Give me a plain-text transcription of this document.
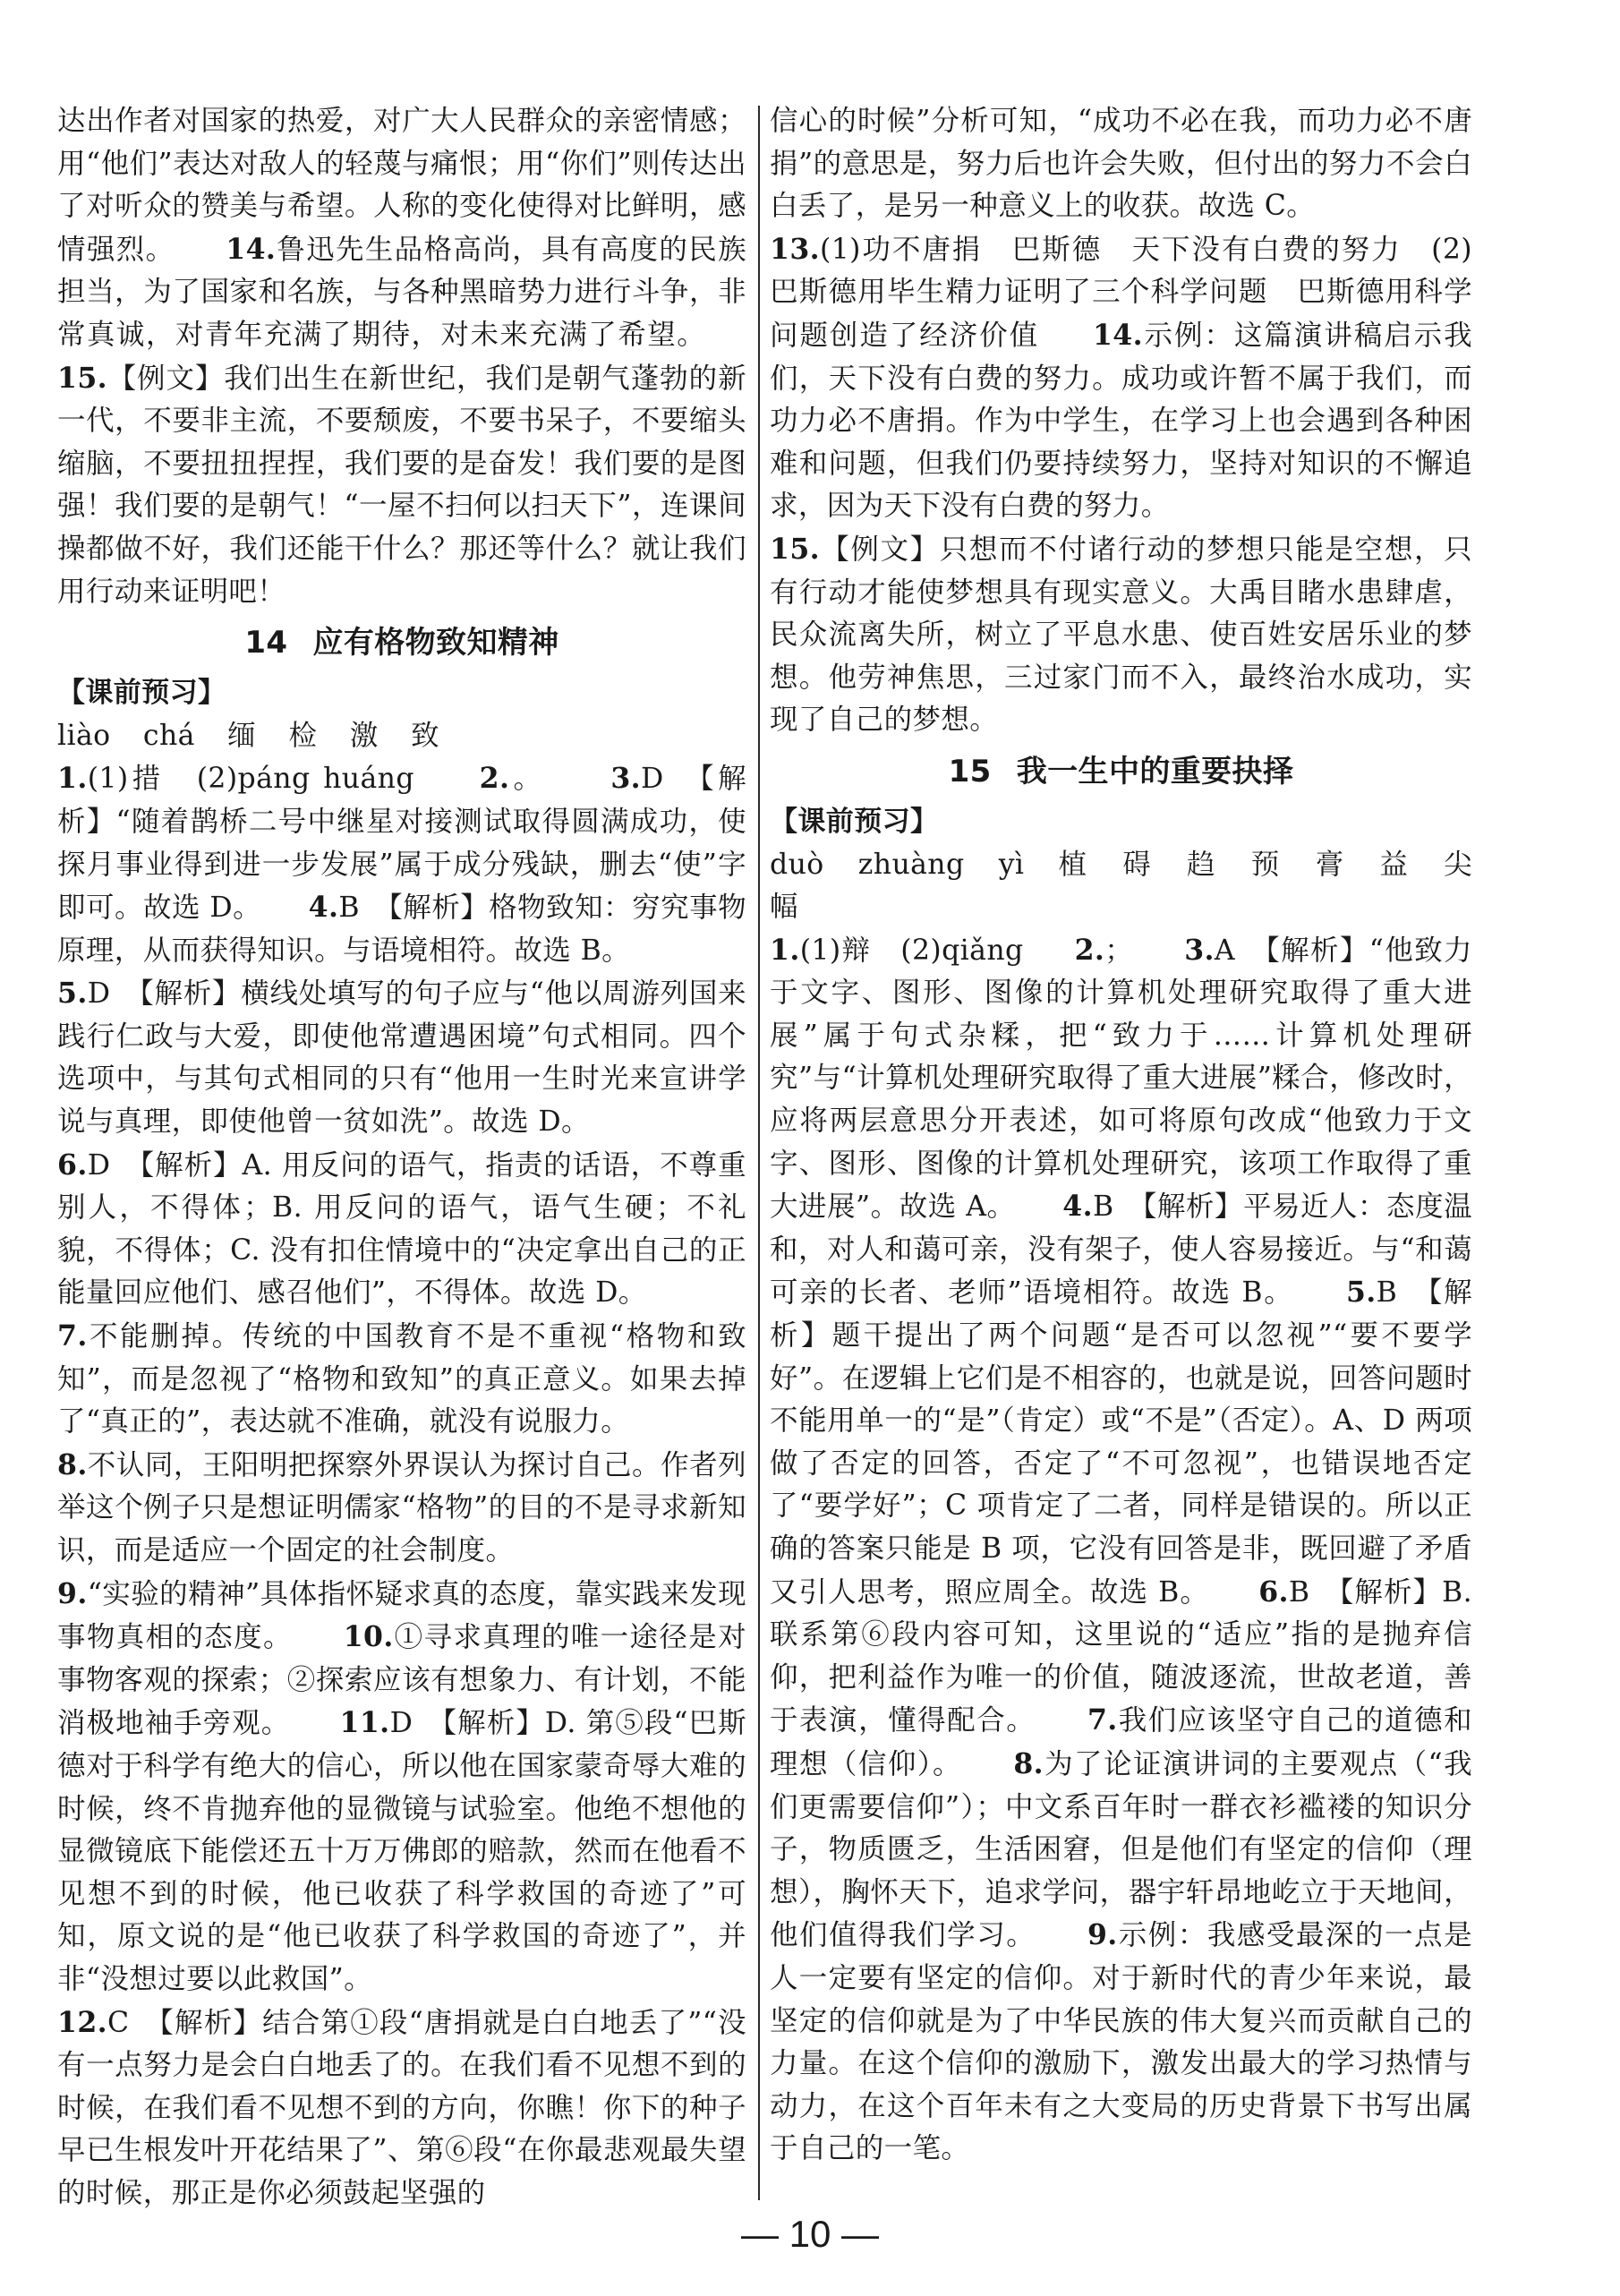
达出作者对国家的热爱，对广大人民群众的亲密情感；用“他们”表达对敌人的轻蔑与痛恨；用“你们”则传达出了对听众的赞美与希望。人称的变化使得对比鲜明，感情强烈。 14.鲁迅先生品格高尚，具有高度的民族担当，为了国家和名族，与各种黑暗势力进行斗争，非常真诚，对青年充满了期待，对未来充满了希望。     15.【例文】我们出生在新世纪，我们是朝气蓬勃的新一代，不要非主流，不要颓废，不要书呆子，不要缩头缩脑，不要扭扭捏捏，我们要的是奋发！我们要的是图强！我们要的是朝气！“一屋不扫何以扫天下”，连课间操都做不好，我们还能干什么？那还等什么？就让我们用行动来证明吧！

14 应有格物致知精神
【课前预习】
liào chá 缅 检 激 致

1.(1)措　(2)páng huáng 2.。 3.D　【解析】“随着鹊桥二号中继星对接测试取得圆满成功，使探月事业得到进一步发展”属于成分残缺，删去“使”字即可。故选 D。 4.B　【解析】格物致知：穷究事物原理，从而获得知识。与语境相符。故选 B。

5.D　【解析】横线处填写的句子应与“他以周游列国来践行仁政与大爱，即使他常遭遇困境”句式相同。四个选项中，与其句式相同的只有“他用一生时光来宣讲学说与真理，即使他曾一贫如洗”。故选 D。

6.D　【解析】A. 用反问的语气，指责的话语，不尊重别人，不得体；B. 用反问的语气，语气生硬；不礼貌，不得体；C. 没有扣住情境中的“决定拿出自己的正能量回应他们、感召他们”，不得体。故选 D。

7.不能删掉。传统的中国教育不是不重视“格物和致知”，而是忽视了“格物和致知”的真正意义。如果去掉了“真正的”，表达就不准确，就没有说服力。

8.不认同，王阳明把探察外界误认为探讨自己。作者列举这个例子只是想证明儒家“格物”的目的不是寻求新知识，而是适应一个固定的社会制度。

9.“实验的精神”具体指怀疑求真的态度，靠实践来发现事物真相的态度。 10.①寻求真理的唯一途径是对事物客观的探索；②探索应该有想象力、有计划，不能消极地袖手旁观。 11.D　【解析】D. 第⑤段“巴斯德对于科学有绝大的信心，所以他在国家蒙奇辱大难的时候，终不肯抛弃他的显微镜与试验室。他绝不想他的显微镜底下能偿还五十万万佛郎的赔款，然而在他看不见想不到的时候，他已收获了科学救国的奇迹了”可知，原文说的是“他已收获了科学救国的奇迹了”，并非“没想过要以此救国”。

12.C　【解析】结合第①段“唐捐就是白白地丢了”“没有一点努力是会白白地丢了的。在我们看不见想不到的时候，在我们看不见想不到的方向，你瞧！你下的种子早已生根发叶开花结果了”、第⑥段“在你最悲观最失望的时候，那正是你必须鼓起坚强的

信心的时候”分析可知，“成功不必在我，而功力必不唐捐”的意思是，努力后也许会失败，但付出的努力不会白白丢了，是另一种意义上的收获。故选 C。

13.(1)功不唐捐　巴斯德　天下没有白费的努力　(2)巴斯德用毕生精力证明了三个科学问题　巴斯德用科学问题创造了经济价值 14.示例：这篇演讲稿启示我们，天下没有白费的努力。成功或许暂不属于我们，而功力必不唐捐。作为中学生，在学习上也会遇到各种困难和问题，但我们仍要持续努力，坚持对知识的不懈追求，因为天下没有白费的努力。

15.【例文】只想而不付诸行动的梦想只能是空想，只有行动才能使梦想具有现实意义。大禹目睹水患肆虐，民众流离失所，树立了平息水患、使百姓安居乐业的梦想。他劳神焦思，三过家门而不入，最终治水成功，实现了自己的梦想。

15 我一生中的重要抉择
【课前预习】
duò zhuàng yì 植 碍 趋 预 膏 益 尖 幅

1.(1)辩　(2)qiǎng 2.； 3.A　【解析】“他致力于文字、图形、图像的计算机处理研究取得了重大进展”属于句式杂糅，把“致力于……计算机处理研究”与“计算机处理研究取得了重大进展”糅合，修改时，应将两层意思分开表述，如可将原句改成“他致力于文字、图形、图像的计算机处理研究，该项工作取得了重大进展”。故选 A。 4.B　【解析】平易近人：态度温和，对人和蔼可亲，没有架子，使人容易接近。与“和蔼可亲的长者、老师”语境相符。故选 B。 5.B　【解析】题干提出了两个问题“是否可以忽视”“要不要学好”。在逻辑上它们是不相容的，也就是说，回答问题时不能用单一的“是”（肯定）或“不是”（否定）。A、D 两项做了否定的回答，否定了“不可忽视”，也错误地否定了“要学好”；C 项肯定了二者，同样是错误的。所以正确的答案只能是 B 项，它没有回答是非，既回避了矛盾又引人思考，照应周全。故选 B。 6.B　【解析】B. 联系第⑥段内容可知，这里说的“适应”指的是抛弃信仰，把利益作为唯一的价值，随波逐流，世故老道，善于表演，懂得配合。 7.我们应该坚守自己的道德和理想（信仰）。 8.为了论证演讲词的主要观点（“我们更需要信仰”）；中文系百年时一群衣衫褴褛的知识分子，物质匮乏，生活困窘，但是他们有坚定的信仰（理想），胸怀天下，追求学问，器宇轩昂地屹立于天地间，他们值得我们学习。 9.示例：我感受最深的一点是人一定要有坚定的信仰。对于新时代的青少年来说，最坚定的信仰就是为了中华民族的伟大复兴而贡献自己的力量。在这个信仰的激励下，激发出最大的学习热情与动力，在这个百年未有之大变局的历史背景下书写出属于自己的一笔。

— 10 —
